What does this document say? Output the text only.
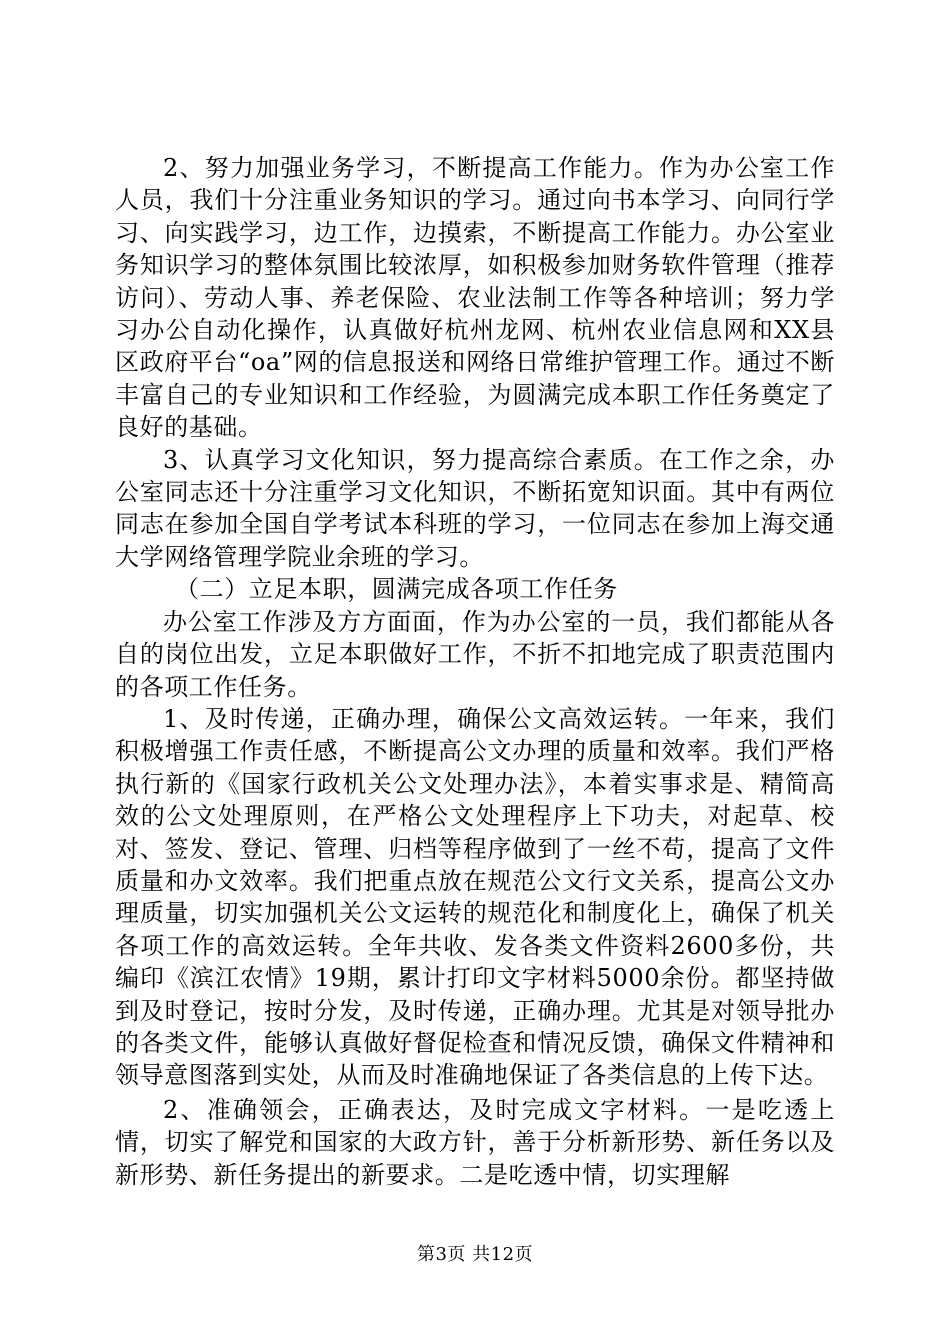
2、努力加强业务学习，不断提高工作能力。作为办公室工作人员，我们十分注重业务知识的学习。通过向书本学习、向同行学习、向实践学习，边工作，边摸索，不断提高工作能力。办公室业务知识学习的整体氛围比较浓厚，如积极参加财务软件管理（推荐访问）、劳动人事、养老保险、农业法制工作等各种培训；努力学习办公自动化操作，认真做好杭州龙网、杭州农业信息网和XX县区政府平台“oa”网的信息报送和网络日常维护管理工作。通过不断丰富自己的专业知识和工作经验，为圆满完成本职工作任务奠定了良好的基础。

3、认真学习文化知识，努力提高综合素质。在工作之余，办公室同志还十分注重学习文化知识，不断拓宽知识面。其中有两位同志在参加全国自学考试本科班的学习，一位同志在参加上海交通大学网络管理学院业余班的学习。

（二）立足本职，圆满完成各项工作任务

办公室工作涉及方方面面，作为办公室的一员，我们都能从各自的岗位出发，立足本职做好工作，不折不扣地完成了职责范围内的各项工作任务。

1、及时传递，正确办理，确保公文高效运转。一年来，我们积极增强工作责任感，不断提高公文办理的质量和效率。我们严格执行新的《国家行政机关公文处理办法》，本着实事求是、精简高效的公文处理原则，在严格公文处理程序上下功夫，对起草、校对、签发、登记、管理、归档等程序做到了一丝不苟，提高了文件质量和办文效率。我们把重点放在规范公文行文关系，提高公文办理质量，切实加强机关公文运转的规范化和制度化上，确保了机关各项工作的高效运转。全年共收、发各类文件资料2600多份，共编印《滨江农情》19期，累计打印文字材料5000余份。都坚持做到及时登记，按时分发，及时传递，正确办理。尤其是对领导批办的各类文件，能够认真做好督促检查和情况反馈，确保文件精神和领导意图落到实处，从而及时准确地保证了各类信息的上传下达。

2、准确领会，正确表达，及时完成文字材料。一是吃透上情，切实了解党和国家的大政方针，善于分析新形势、新任务以及新形势、新任务提出的新要求。二是吃透中情，切实理解

第3页 共12页
